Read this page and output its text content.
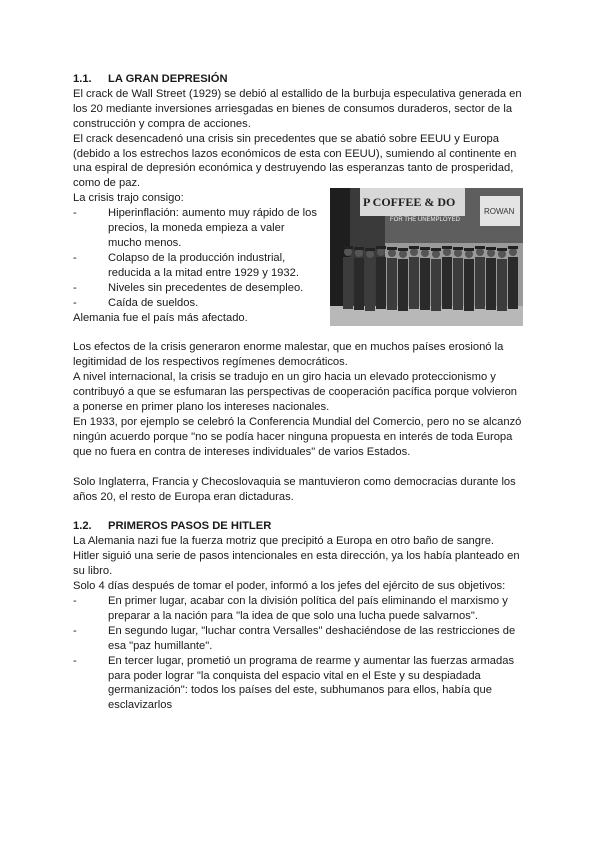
1.1.	LA GRAN DEPRESIÓN

El crack de Wall Street (1929) se debió al estallido de la burbuja especulativa generada en los 20 mediante inversiones arriesgadas en bienes de consumos duraderos, sector de la construcción y compra de acciones.

El crack desencadenó una crisis sin precedentes que se abatió sobre EEUU y Europa (debido a los estrechos lazos económicos de esta con EEUU), sumiendo al continente en una espiral de depresión económica y destruyendo las esperanzas tanto de prosperidad, como de paz.

La crisis trajo consigo:

-	Hiperinflación: aumento muy rápido de los precios, la moneda empieza a valer mucho menos.
-	Colapso de la producción industrial, reducida a la mitad entre 1929 y 1932.
-	Niveles sin precedentes de desempleo.
-	Caída de sueldos.

Alemania fue el país más afectado.

Los efectos de la crisis generaron enorme malestar, que en muchos países erosionó la legitimidad de los respectivos regímenes democráticos.

A nivel internacional, la crisis se tradujo en un giro hacia un elevado proteccionismo y contribuyó a que se esfumaran las perspectivas de cooperación pacífica porque volvieron a ponerse en primer plano los intereses nacionales.

En 1933, por ejemplo se celebró la Conferencia Mundial del Comercio, pero no se alcanzó ningún acuerdo porque "no se podía hacer ninguna propuesta en interés de toda Europa que no fuera en contra de intereses individuales" de varios Estados.

Solo Inglaterra, Francia y Checoslovaquia se mantuvieron como democracias durante los años 20, el resto de Europa eran dictaduras.

1.2.	PRIMEROS PASOS DE HITLER

La Alemania nazi fue la fuerza motriz que precipitó a Europa en otro baño de sangre. Hitler siguió una serie de pasos intencionales en esta dirección, ya los había planteado en su libro.

Solo 4 días después de tomar el poder, informó a los jefes del ejército de sus objetivos:

-	En primer lugar, acabar con la división política del país eliminando el marxismo y preparar a la nación para "la idea de que solo una lucha puede salvarnos".
-	En segundo lugar, "luchar contra Versalles" deshaciéndose de las restricciones de esa "paz humillante".
-	En tercer lugar, prometió un programa de rearme y aumentar las fuerzas armadas para poder lograr "la conquista del espacio vital en el Este y su despiadada germanización": todos los países del este, subhumanos para ellos, había que esclavizarlos
P COFFEE & DO
FOR THE UNEMPLOYED
ROWAN
